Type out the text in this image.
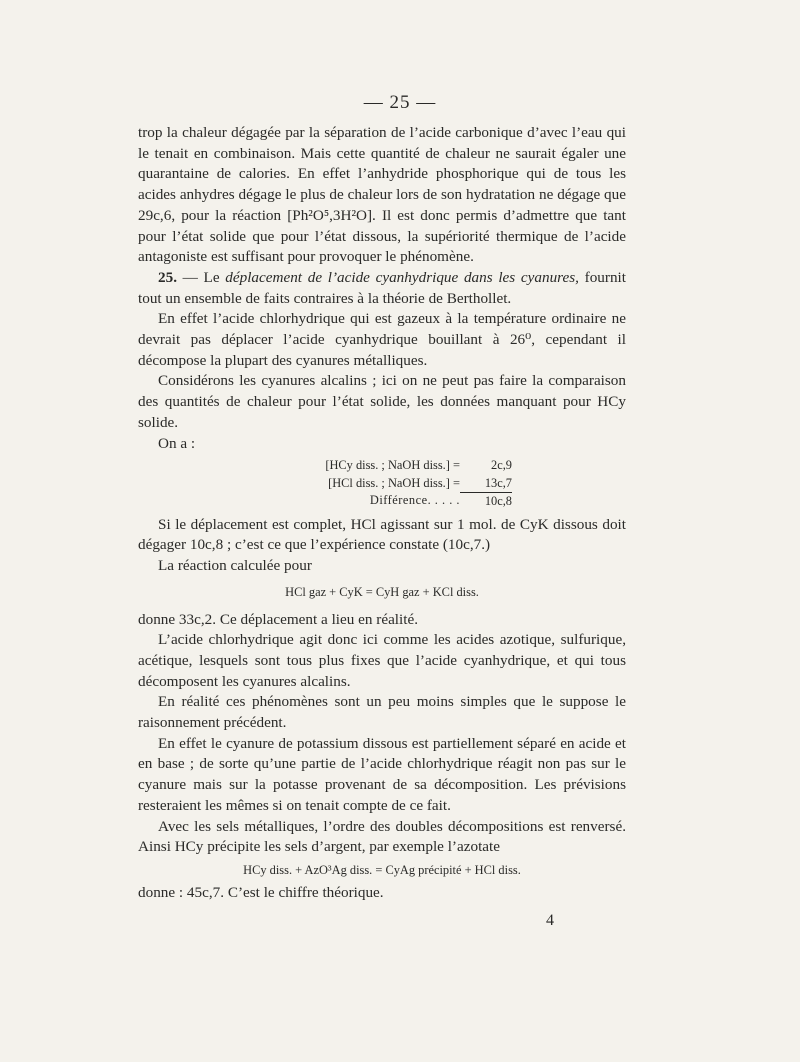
— 25 —

trop la chaleur dégagée par la séparation de l’acide carbonique d’avec l’eau qui le tenait en combinaison. Mais cette quantité de chaleur ne saurait égaler une quarantaine de calories. En effet l’anhydride phosphorique qui de tous les acides anhydres dégage le plus de chaleur lors de son hydratation ne dégage que 29c,6, pour la réaction [Ph²O⁵,3H²O]. Il est donc permis d’admettre que tant pour l’état solide que pour l’état dissous, la supériorité thermique de l’acide antagoniste est suffisant pour provoquer le phénomène.

25. — Le déplacement de l’acide cyanhydrique dans les cyanures, fournit tout un ensemble de faits contraires à la théorie de Berthollet.

En effet l’acide chlorhydrique qui est gazeux à la température ordinaire ne devrait pas déplacer l’acide cyanhydrique bouillant à 26⁰, cependant il décompose la plupart des cyanures métalliques.

Considérons les cyanures alcalins ; ici on ne peut pas faire la comparaison des quantités de chaleur pour l’état solide, les données manquant pour HCy solide.

On a :

[HCy diss. ; NaOH diss.] =	2c,9
[HCl diss. ; NaOH diss.] =	13c,7
Différence. . . . .	10c,8

Si le déplacement est complet, HCl agissant sur 1 mol. de CyK dissous doit dégager 10c,8 ; c’est ce que l’expérience constate (10c,7.)

La réaction calculée pour

HCl gaz + CyK = CyH gaz + KCl diss.

donne 33c,2. Ce déplacement a lieu en réalité.

L’acide chlorhydrique agit donc ici comme les acides azotique, sulfurique, acétique, lesquels sont tous plus fixes que l’acide cyanhydrique, et qui tous décomposent les cyanures alcalins.

En réalité ces phénomènes sont un peu moins simples que le suppose le raisonnement précédent.

En effet le cyanure de potassium dissous est partiellement séparé en acide et en base ; de sorte qu’une partie de l’acide chlorhydrique réagit non pas sur le cyanure mais sur la potasse provenant de sa décomposition. Les prévisions resteraient les mêmes si on tenait compte de ce fait.

Avec les sels métalliques, l’ordre des doubles décompositions est renversé. Ainsi HCy précipite les sels d’argent, par exemple l’azotate

HCy diss. + AzO³Ag diss. = CyAg précipité + HCl diss.

donne : 45c,7. C’est le chiffre théorique.

4
